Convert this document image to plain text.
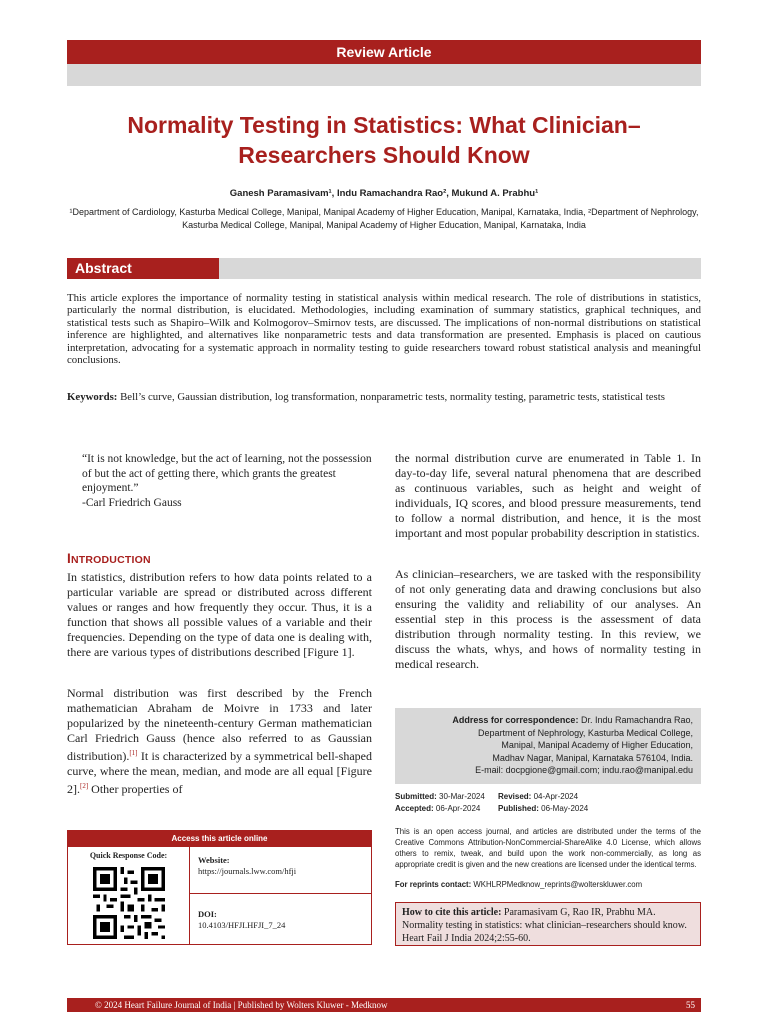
Review Article
Normality Testing in Statistics: What Clinician–Researchers Should Know
Ganesh Paramasivam¹, Indu Ramachandra Rao², Mukund A. Prabhu¹
¹Department of Cardiology, Kasturba Medical College, Manipal, Manipal Academy of Higher Education, Manipal, Karnataka, India, ²Department of Nephrology, Kasturba Medical College, Manipal, Manipal Academy of Higher Education, Manipal, Karnataka, India
Abstract
This article explores the importance of normality testing in statistical analysis within medical research. The role of distributions in statistics, particularly the normal distribution, is elucidated. Methodologies, including examination of summary statistics, graphical techniques, and statistical tests such as Shapiro–Wilk and Kolmogorov–Smirnov tests, are discussed. The implications of non-normal distributions on statistical inference are highlighted, and alternatives like nonparametric tests and data transformation are presented. Emphasis is placed on cautious interpretation, advocating for a systematic approach in normality testing to guide researchers toward robust statistical analysis and meaningful conclusions.
Keywords: Bell’s curve, Gaussian distribution, log transformation, nonparametric tests, normality testing, parametric tests, statistical tests
“It is not knowledge, but the act of learning, not the possession of but the act of getting there, which grants the greatest enjoyment.”
-Carl Friedrich Gauss
INTRODUCTION
In statistics, distribution refers to how data points related to a particular variable are spread or distributed across different values or ranges and how frequently they occur. Thus, it is a function that shows all possible values of a variable and their frequencies. Depending on the type of data one is dealing with, there are various types of distributions described [Figure 1].
Normal distribution was first described by the French mathematician Abraham de Moivre in 1733 and later popularized by the nineteenth-century German mathematician Carl Friedrich Gauss (hence also referred to as Gaussian distribution).[1] It is characterized by a symmetrical bell-shaped curve, where the mean, median, and mode are all equal [Figure 2].[2] Other properties of
the normal distribution curve are enumerated in Table 1. In day-to-day life, several natural phenomena that are described as continuous variables, such as height and weight of individuals, IQ scores, and blood pressure measurements, tend to follow a normal distribution, and hence, it is the most important and most popular probability description in statistics.
As clinician–researchers, we are tasked with the responsibility of not only generating data and drawing conclusions but also ensuring the validity and reliability of our analyses. An essential step in this process is the assessment of data distribution through normality testing. In this review, we discuss the whats, whys, and hows of normality testing in medical research.
Access this article online
Quick Response Code:	Website:
https://journals.lww.com/hfji
DOI:
10.4103/HFJI.HFJI_7_24
Address for correspondence: Dr. Indu Ramachandra Rao,
Department of Nephrology, Kasturba Medical College,
Manipal, Manipal Academy of Higher Education,
Madhav Nagar, Manipal, Karnataka 576104, India.
E-mail: docpgione@gmail.com; indu.rao@manipal.edu
Submitted: 30-Mar-2024	Revised: 04-Apr-2024
Accepted: 06-Apr-2024	Published: 06-May-2024
This is an open access journal, and articles are distributed under the terms of the Creative Commons Attribution-NonCommercial-ShareAlike 4.0 License, which allows others to remix, tweak, and build upon the work non-commercially, as long as appropriate credit is given and the new creations are licensed under the identical terms.
For reprints contact: WKHLRPMedknow_reprints@wolterskluwer.com
How to cite this article: Paramasivam G, Rao IR, Prabhu MA. Normality testing in statistics: what clinician–researchers should know. Heart Fail J India 2024;2:55-60.
© 2024 Heart Failure Journal of India | Published by Wolters Kluwer - Medknow	55
